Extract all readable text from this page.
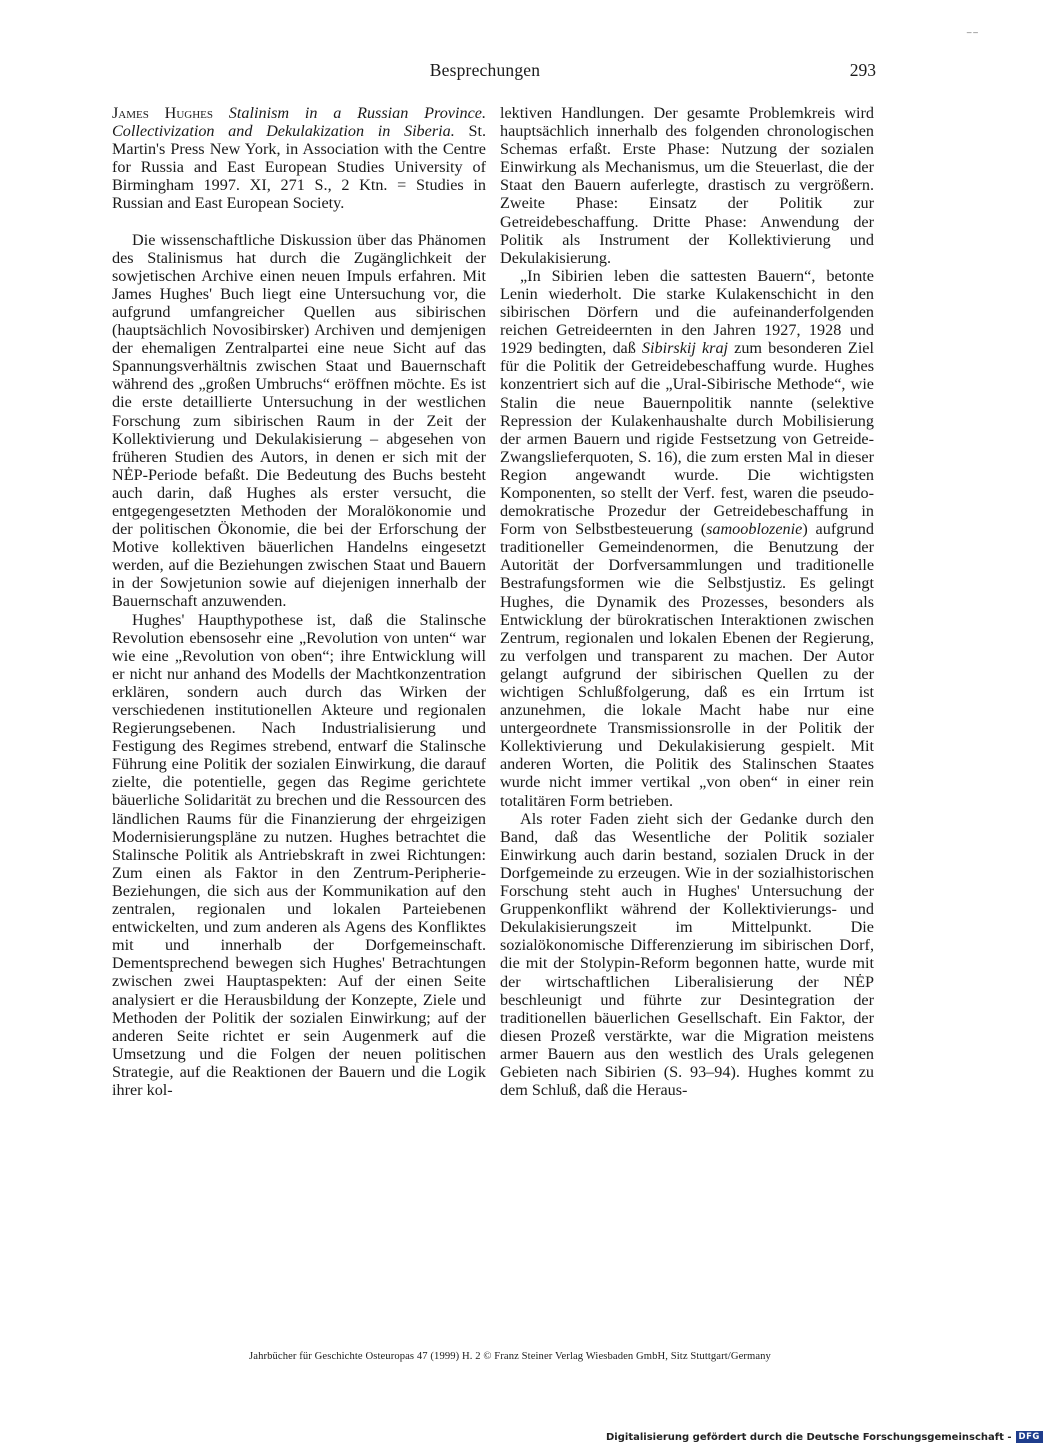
⁻⁻
Besprechungen	293

James Hughes Stalinism in a Russian Province. Collectivization and Dekulakization in Siberia. St. Martin's Press New York, in Association with the Centre for Russia and East European Studies University of Birmingham 1997. XI, 271 S., 2 Ktn. = Studies in Russian and East European Society.

Die wissenschaftliche Diskussion über das Phänomen des Stalinismus hat durch die Zugänglichkeit der sowjetischen Archive einen neuen Impuls erfahren. Mit James Hughes' Buch liegt eine Untersuchung vor, die aufgrund umfangreicher Quellen aus sibirischen (hauptsächlich Novosibirsker) Archiven und demjenigen der ehemaligen Zentralpartei eine neue Sicht auf das Spannungsverhältnis zwischen Staat und Bauernschaft während des „großen Umbruchs“ eröffnen möchte. Es ist die erste detaillierte Untersuchung in der westlichen Forschung zum sibirischen Raum in der Zeit der Kollektivierung und Dekulakisierung – abgesehen von früheren Studien des Autors, in denen er sich mit der NĖP-Periode befaßt. Die Bedeutung des Buchs besteht auch darin, daß Hughes als erster versucht, die entgegengesetzten Methoden der Moralökonomie und der politischen Ökonomie, die bei der Erforschung der Motive kollektiven bäuerlichen Handelns eingesetzt werden, auf die Beziehungen zwischen Staat und Bauern in der Sowjetunion sowie auf diejenigen innerhalb der Bauernschaft anzuwenden.

Hughes' Haupthypothese ist, daß die Stalinsche Revolution ebensosehr eine „Revolution von unten“ war wie eine „Revolution von oben“; ihre Entwicklung will er nicht nur anhand des Modells der Machtkonzentration erklären, sondern auch durch das Wirken der verschiedenen institutionellen Akteure und regionalen Regierungsebenen. Nach Industrialisierung und Festigung des Regimes strebend, entwarf die Stalinsche Führung eine Politik der sozialen Einwirkung, die darauf zielte, die potentielle, gegen das Regime gerichtete bäuerliche Solidarität zu brechen und die Ressourcen des ländlichen Raums für die Finanzierung der ehrgeizigen Modernisierungspläne zu nutzen. Hughes betrachtet die Stalinsche Politik als Antriebskraft in zwei Richtungen: Zum einen als Faktor in den Zentrum-Peripherie-Beziehungen, die sich aus der Kommunikation auf den zentralen, regionalen und lokalen Parteiebenen entwickelten, und zum anderen als Agens des Konfliktes mit und innerhalb der Dorfgemeinschaft. Dementsprechend bewegen sich Hughes' Betrachtungen zwischen zwei Hauptaspekten: Auf der einen Seite analysiert er die Herausbildung der Konzepte, Ziele und Methoden der Politik der sozialen Einwirkung; auf der anderen Seite richtet er sein Augenmerk auf die Umsetzung und die Folgen der neuen politischen Strategie, auf die Reaktionen der Bauern und die Logik ihrer kol-

lektiven Handlungen. Der gesamte Problemkreis wird hauptsächlich innerhalb des folgenden chronologischen Schemas erfaßt. Erste Phase: Nutzung der sozialen Einwirkung als Mechanismus, um die Steuerlast, die der Staat den Bauern auferlegte, drastisch zu vergrößern. Zweite Phase: Einsatz der Politik zur Getreidebeschaffung. Dritte Phase: Anwendung der Politik als Instrument der Kollektivierung und Dekulakisierung.

„In Sibirien leben die sattesten Bauern“, betonte Lenin wiederholt. Die starke Kulakenschicht in den sibirischen Dörfern und die aufeinanderfolgenden reichen Getreideernten in den Jahren 1927, 1928 und 1929 bedingten, daß Sibirskij kraj zum besonderen Ziel für die Politik der Getreidebeschaffung wurde. Hughes konzentriert sich auf die „Ural-Sibirische Methode“, wie Stalin die neue Bauernpolitik nannte (selektive Repression der Kulakenhaushalte durch Mobilisierung der armen Bauern und rigide Festsetzung von Getreide-Zwangslieferquoten, S. 16), die zum ersten Mal in dieser Region angewandt wurde. Die wichtigsten Komponenten, so stellt der Verf. fest, waren die pseudo-demokratische Prozedur der Getreidebeschaffung in Form von Selbstbesteuerung (samooblozenie) aufgrund traditioneller Gemeindenormen, die Benutzung der Autorität der Dorfversammlungen und traditionelle Bestrafungsformen wie die Selbstjustiz. Es gelingt Hughes, die Dynamik des Prozesses, besonders als Entwicklung der bürokratischen Interaktionen zwischen Zentrum, regionalen und lokalen Ebenen der Regierung, zu verfolgen und transparent zu machen. Der Autor gelangt aufgrund der sibirischen Quellen zu der wichtigen Schlußfolgerung, daß es ein Irrtum ist anzunehmen, die lokale Macht habe nur eine untergeordnete Transmissionsrolle in der Politik der Kollektivierung und Dekulakisierung gespielt. Mit anderen Worten, die Politik des Stalinschen Staates wurde nicht immer vertikal „von oben“ in einer rein totalitären Form betrieben.

Als roter Faden zieht sich der Gedanke durch den Band, daß das Wesentliche der Politik sozialer Einwirkung auch darin bestand, sozialen Druck in der Dorfgemeinde zu erzeugen. Wie in der sozialhistorischen Forschung steht auch in Hughes' Untersuchung der Gruppenkonflikt während der Kollektivierungs- und Dekulakisierungszeit im Mittelpunkt. Die sozialökonomische Differenzierung im sibirischen Dorf, die mit der Stolypin-Reform begonnen hatte, wurde mit der wirtschaftlichen Liberalisierung der NĖP beschleunigt und führte zur Desintegration der traditionellen bäuerlichen Gesellschaft. Ein Faktor, der diesen Prozeß verstärkte, war die Migration meistens armer Bauern aus den westlich des Urals gelegenen Gebieten nach Sibirien (S. 93–94). Hughes kommt zu dem Schluß, daß die Heraus-

Jahrbücher für Geschichte Osteuropas 47 (1999) H. 2 © Franz Steiner Verlag Wiesbaden GmbH, Sitz Stuttgart/Germany
Digitalisierung gefördert durch die Deutsche Forschungsgemeinschaft - DFG
